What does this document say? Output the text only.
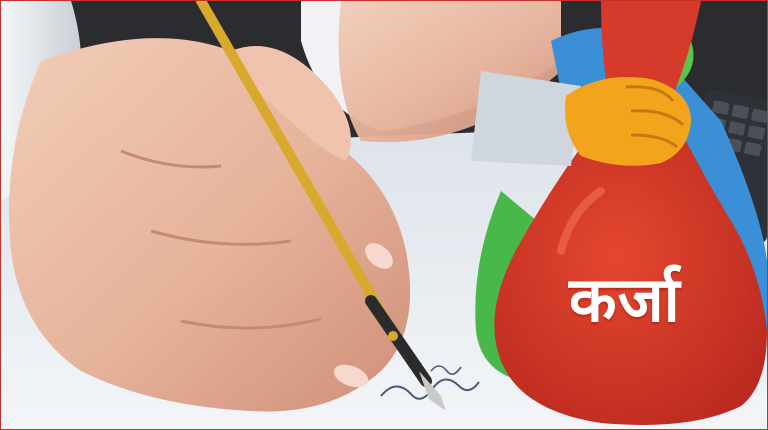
कर्जा
